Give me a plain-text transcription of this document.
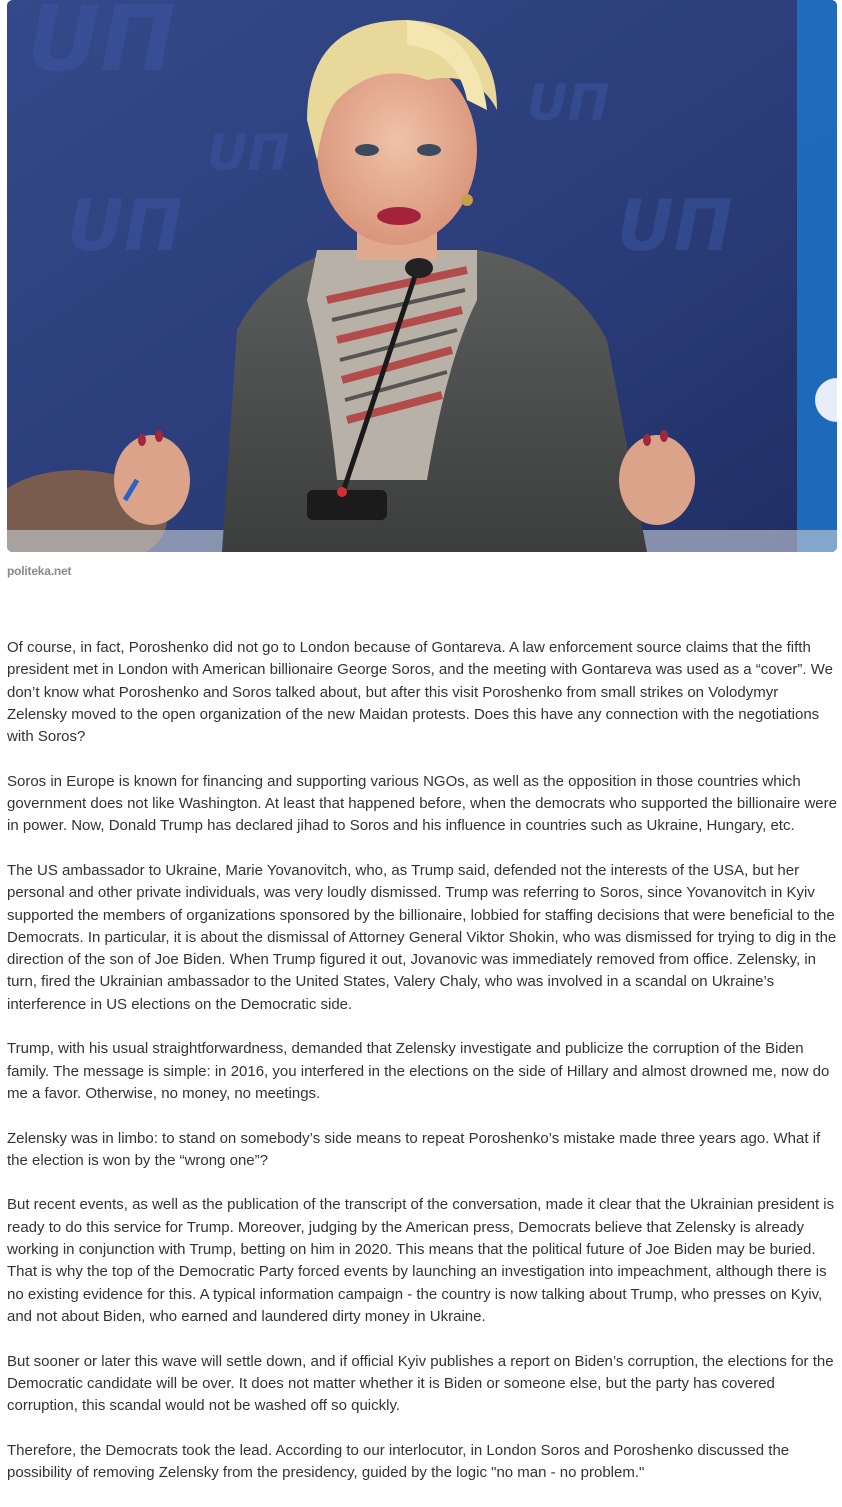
UП
UП
UП
UП
UП
politeka.net

Of course, in fact, Poroshenko did not go to London because of Gontareva. A law enforcement source claims that the fifth president met in London with American billionaire George Soros, and the meeting with Gontareva was used as a “cover”. We don’t know what Poroshenko and Soros talked about, but after this visit Poroshenko from small strikes on Volodymyr Zelensky moved to the open organization of the new Maidan protests. Does this have any connection with the negotiations with Soros?

Soros in Europe is known for financing and supporting various NGOs, as well as the opposition in those countries which government does not like Washington. At least that happened before, when the democrats who supported the billionaire were in power. Now, Donald Trump has declared jihad to Soros and his influence in countries such as Ukraine, Hungary, etc.

The US ambassador to Ukraine, Marie Yovanovitch, who, as Trump said, defended not the interests of the USA, but her personal and other private individuals, was very loudly dismissed. Trump was referring to Soros, since Yovanovitch in Kyiv supported the members of organizations sponsored by the billionaire, lobbied for staffing decisions that were beneficial to the Democrats. In particular, it is about the dismissal of Attorney General Viktor Shokin, who was dismissed for trying to dig in the direction of the son of Joe Biden. When Trump figured it out, Jovanovic was immediately removed from office. Zelensky, in turn, fired the Ukrainian ambassador to the United States, Valery Chaly, who was involved in a scandal on Ukraine’s interference in US elections on the Democratic side.

Trump, with his usual straightforwardness, demanded that Zelensky investigate and publicize the corruption of the Biden family. The message is simple: in 2016, you interfered in the elections on the side of Hillary and almost drowned me, now do me a favor. Otherwise, no money, no meetings.

Zelensky was in limbo: to stand on somebody’s side means to repeat Poroshenko’s mistake made three years ago. What if the election is won by the “wrong one”?

But recent events, as well as the publication of the transcript of the conversation, made it clear that the Ukrainian president is ready to do this service for Trump. Moreover, judging by the American press, Democrats believe that Zelensky is already working in conjunction with Trump, betting on him in 2020. This means that the political future of Joe Biden may be buried. That is why the top of the Democratic Party forced events by launching an investigation into impeachment, although there is no existing evidence for this. A typical information campaign - the country is now talking about Trump, who presses on Kyiv, and not about Biden, who earned and laundered dirty money in Ukraine.

But sooner or later this wave will settle down, and if official Kyiv publishes a report on Biden’s corruption, the elections for the Democratic candidate will be over. It does not matter whether it is Biden or someone else, but the party has covered corruption, this scandal would not be washed off so quickly.

Therefore, the Democrats took the lead. According to our interlocutor, in London Soros and Poroshenko discussed the possibility of removing Zelensky from the presidency, guided by the logic "no man - no problem."
